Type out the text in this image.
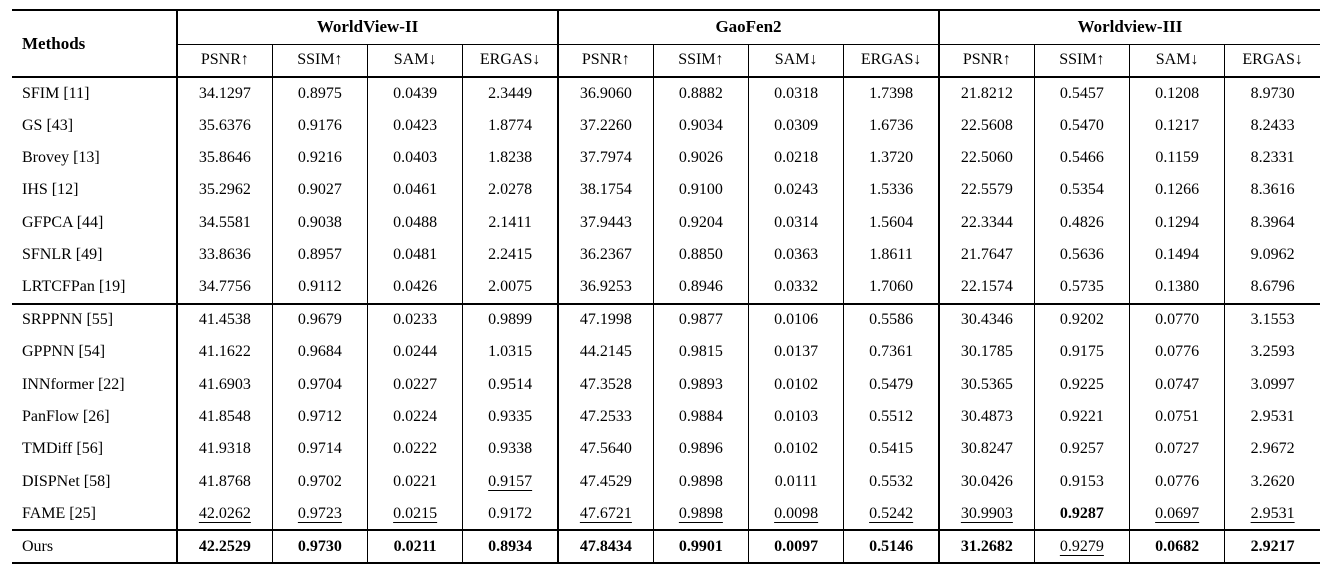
Methods	WorldView-II				GaoFen2				Worldview-III			
	PSNR↑	SSIM↑	SAM↓	ERGAS↓	PSNR↑	SSIM↑	SAM↓	ERGAS↓	PSNR↑	SSIM↑	SAM↓	ERGAS↓
SFIM [11]	34.1297	0.8975	0.0439	2.3449	36.9060	0.8882	0.0318	1.7398	21.8212	0.5457	0.1208	8.9730
GS [43]	35.6376	0.9176	0.0423	1.8774	37.2260	0.9034	0.0309	1.6736	22.5608	0.5470	0.1217	8.2433
Brovey [13]	35.8646	0.9216	0.0403	1.8238	37.7974	0.9026	0.0218	1.3720	22.5060	0.5466	0.1159	8.2331
IHS [12]	35.2962	0.9027	0.0461	2.0278	38.1754	0.9100	0.0243	1.5336	22.5579	0.5354	0.1266	8.3616
GFPCA [44]	34.5581	0.9038	0.0488	2.1411	37.9443	0.9204	0.0314	1.5604	22.3344	0.4826	0.1294	8.3964
SFNLR [49]	33.8636	0.8957	0.0481	2.2415	36.2367	0.8850	0.0363	1.8611	21.7647	0.5636	0.1494	9.0962
LRTCFPan [19]	34.7756	0.9112	0.0426	2.0075	36.9253	0.8946	0.0332	1.7060	22.1574	0.5735	0.1380	8.6796
SRPPNN [55]	41.4538	0.9679	0.0233	0.9899	47.1998	0.9877	0.0106	0.5586	30.4346	0.9202	0.0770	3.1553
GPPNN [54]	41.1622	0.9684	0.0244	1.0315	44.2145	0.9815	0.0137	0.7361	30.1785	0.9175	0.0776	3.2593
INNformer [22]	41.6903	0.9704	0.0227	0.9514	47.3528	0.9893	0.0102	0.5479	30.5365	0.9225	0.0747	3.0997
PanFlow [26]	41.8548	0.9712	0.0224	0.9335	47.2533	0.9884	0.0103	0.5512	30.4873	0.9221	0.0751	2.9531
TMDiff [56]	41.9318	0.9714	0.0222	0.9338	47.5640	0.9896	0.0102	0.5415	30.8247	0.9257	0.0727	2.9672
DISPNet [58]	41.8768	0.9702	0.0221	0.9157	47.4529	0.9898	0.0111	0.5532	30.0426	0.9153	0.0776	3.2620
FAME [25]	42.0262	0.9723	0.0215	0.9172	47.6721	0.9898	0.0098	0.5242	30.9903	0.9287	0.0697	2.9531
Ours	42.2529	0.9730	0.0211	0.8934	47.8434	0.9901	0.0097	0.5146	31.2682	0.9279	0.0682	2.9217
